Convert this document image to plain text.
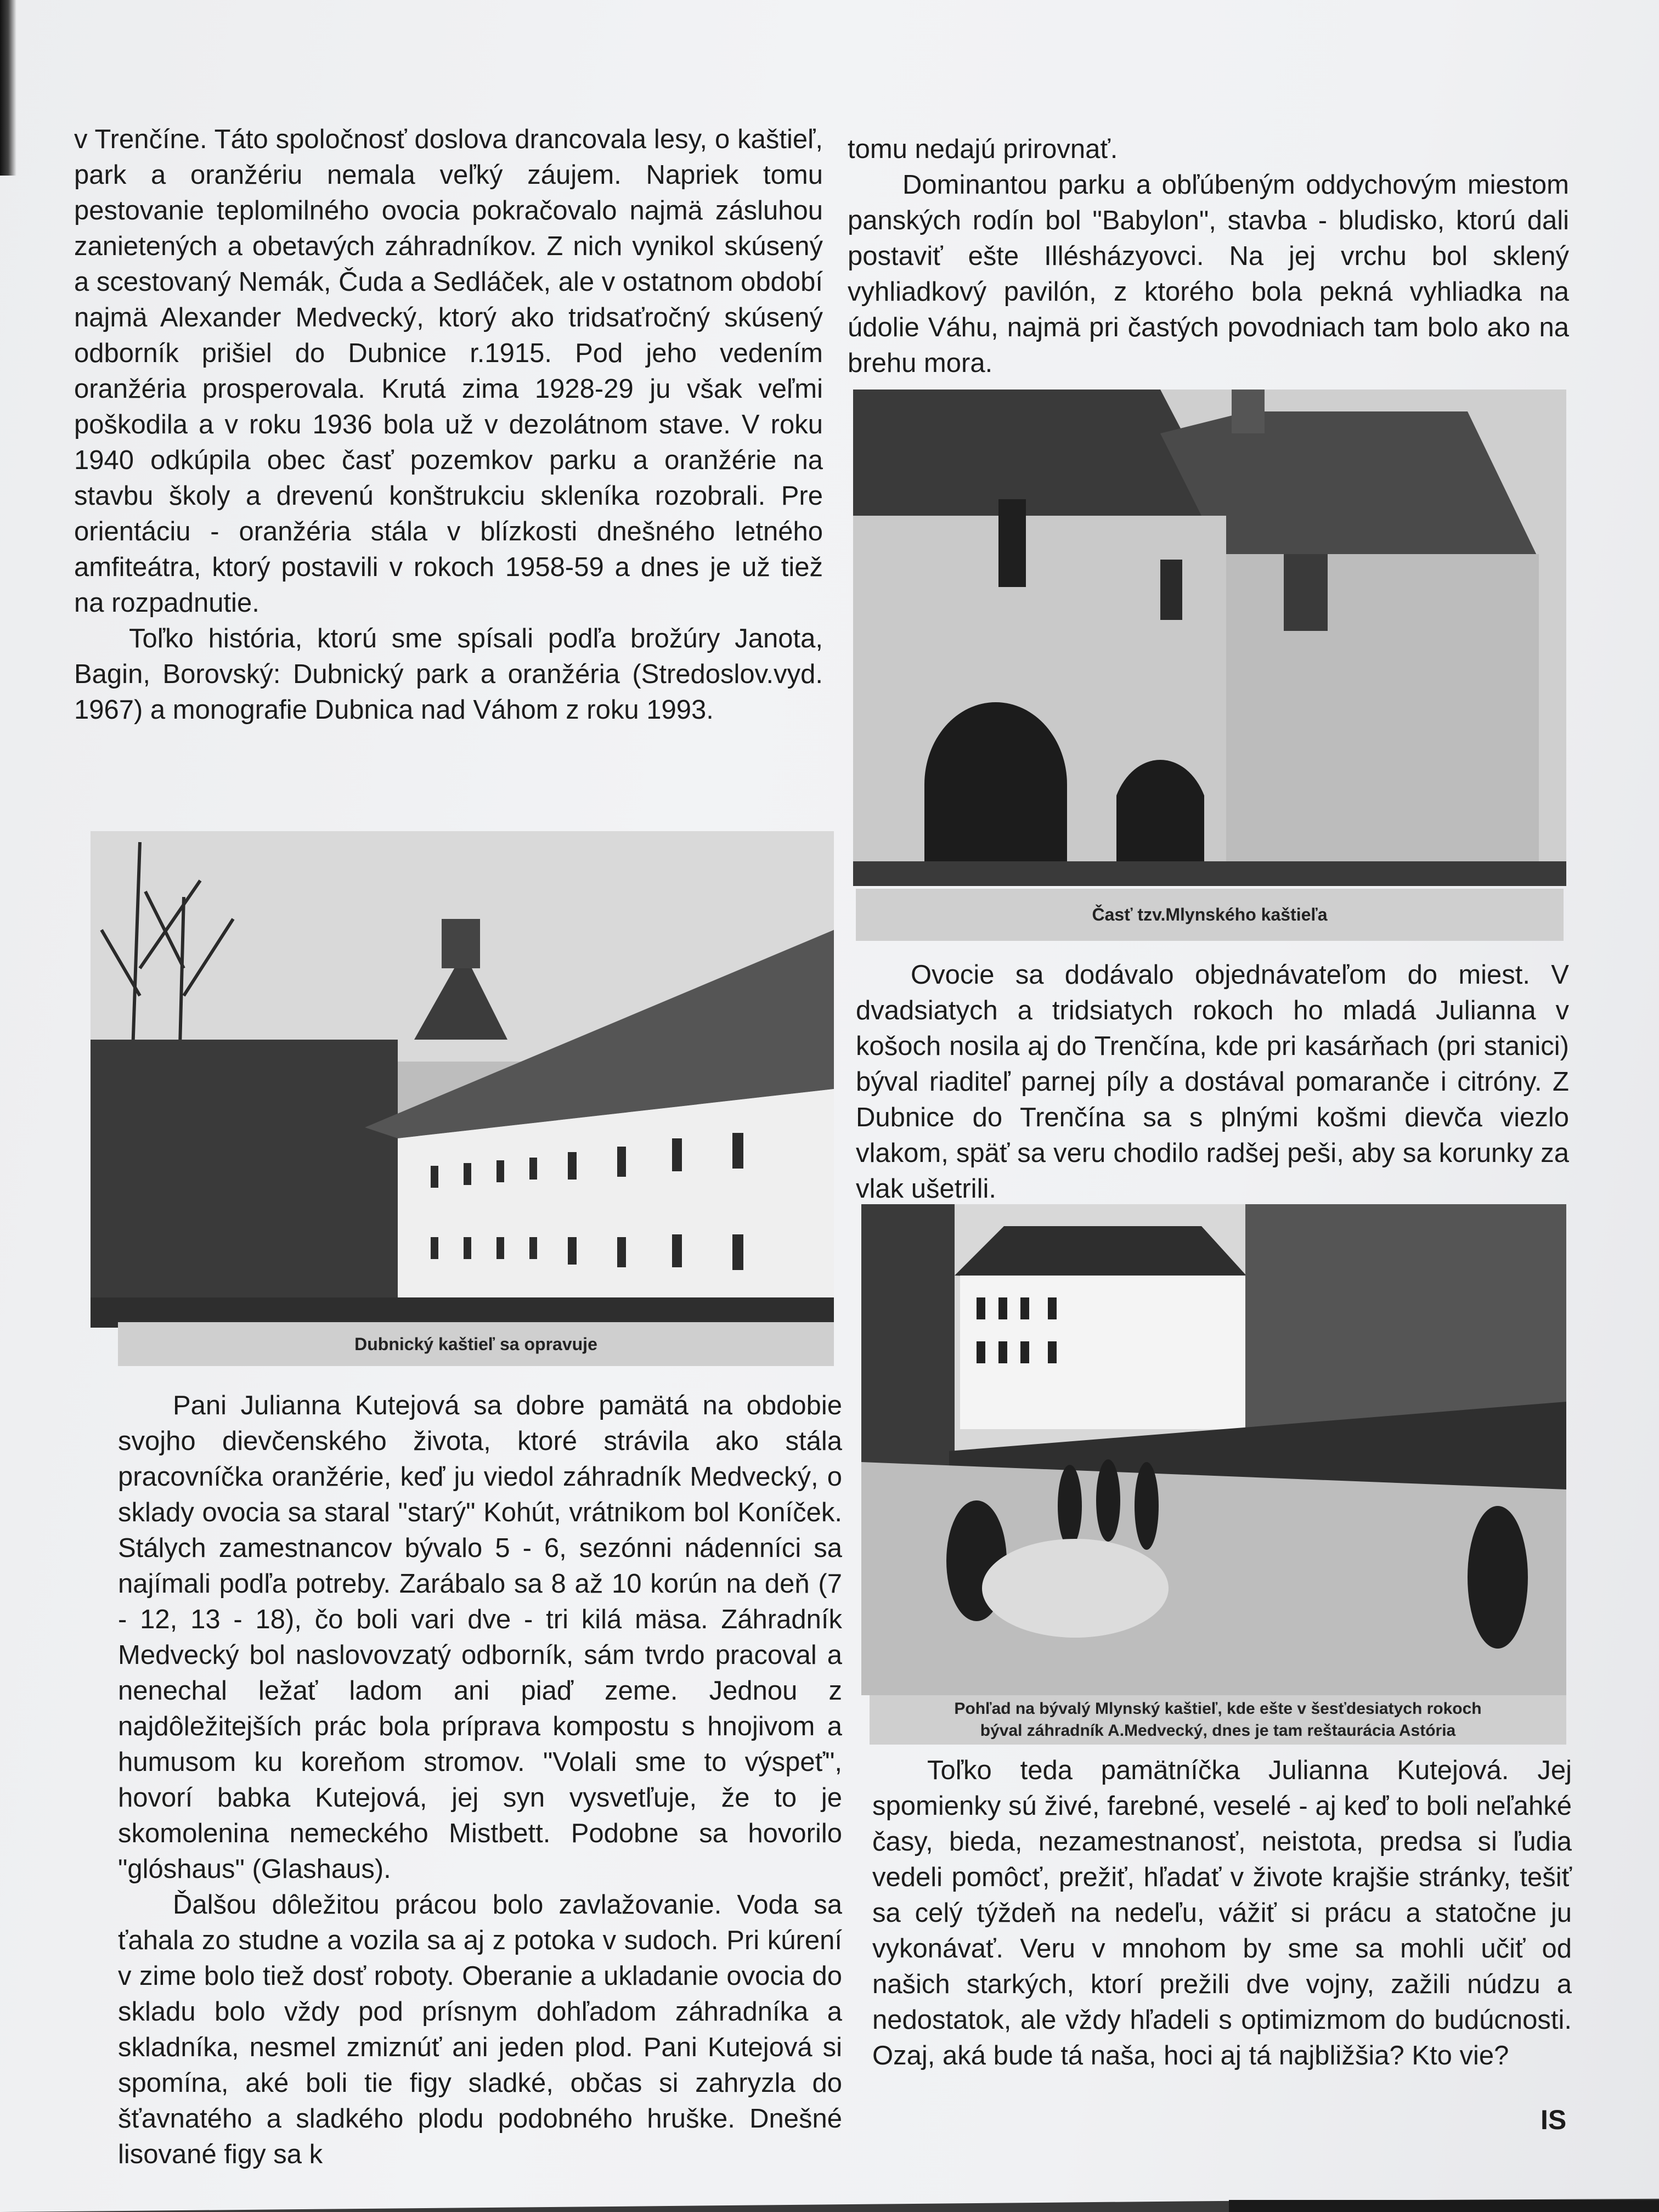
v Trenčíne. Táto spoločnosť doslova drancovala lesy, o kaštieľ, park a oranžériu nemala veľký záujem. Napriek tomu pestovanie teplomilného ovocia pokračovalo najmä zásluhou zanietených a obetavých záhradníkov. Z nich vynikol skúsený a scestovaný Nemák, Čuda a Sedláček, ale v ostatnom období najmä Alexander Medvecký, ktorý ako tridsaťročný skúsený odborník prišiel do Dubnice r.1915. Pod jeho vedením oranžéria prosperovala. Krutá zima 1928-29 ju však veľmi poškodila a v roku 1936 bola už v dezolátnom stave. V roku 1940 odkúpila obec časť pozemkov parku a oranžérie na stavbu školy a drevenú konštrukciu skleníka rozobrali. Pre orientáciu - oranžéria stála v blízkosti dnešného letného amfiteátra, ktorý postavili v rokoch 1958-59 a dnes je už tiež na rozpadnutie.

Toľko história, ktorú sme spísali podľa brožúry Janota, Bagin, Borovský: Dubnický park a oranžéria (Stredoslov.vyd. 1967) a monografie Dubnica nad Váhom z roku 1993.

Dubnický kaštieľ sa opravuje

Pani Julianna Kutejová sa dobre pamätá na obdobie svojho dievčenského života, ktoré strávila ako stála pracovníčka oranžérie, keď ju viedol záhradník Medvecký, o sklady ovocia sa staral "starý" Kohút, vrátnikom bol Koníček. Stálych zamestnancov bývalo 5 - 6, sezónni nádenníci sa najímali podľa potreby. Zarábalo sa 8 až 10 korún na deň (7 - 12, 13 - 18), čo boli vari dve - tri kilá mäsa. Záhradník Medvecký bol naslovovzatý odborník, sám tvrdo pracoval a nenechal ležať ladom ani piaď zeme. Jednou z najdôležitejších prác bola príprava kompostu s hnojivom a humusom ku koreňom stromov. "Volali sme to výspeť", hovorí babka Kutejová, jej syn vysvetľuje, že to je skomolenina nemeckého Mistbett. Podobne sa hovorilo "glóshaus" (Glashaus).

Ďalšou dôležitou prácou bolo zavlažovanie. Voda sa ťahala zo studne a vozila sa aj z potoka v sudoch. Pri kúrení v zime bolo tiež dosť roboty. Oberanie a ukladanie ovocia do skladu bolo vždy pod prísnym dohľadom záhradníka a skladníka, nesmel zmiznúť ani jeden plod. Pani Kutejová si spomína, aké boli tie figy sladké, občas si zahryzla do šťavnatého a sladkého plodu podobného hruške. Dnešné lisované figy sa k

tomu nedajú prirovnať.

Dominantou parku a obľúbeným oddychovým miestom panských rodín bol "Babylon", stavba - bludisko, ktorú dali postaviť ešte Illésházyovci. Na jej vrchu bol sklený vyhliadkový pavilón, z ktorého bola pekná vyhliadka na údolie Váhu, najmä pri častých povodniach tam bolo ako na brehu mora.

Časť tzv.Mlynského kaštieľa

Ovocie sa dodávalo objednávateľom do miest. V dvadsiatych a tridsiatych rokoch ho mladá Julianna v košoch nosila aj do Trenčína, kde pri kasárňach (pri stanici) býval riaditeľ parnej píly a dostával pomaranče i citróny. Z Dubnice do Trenčína sa s plnými košmi dievča viezlo vlakom, späť sa veru chodilo radšej peši, aby sa korunky za vlak ušetrili.

Pohľad na bývalý Mlynský kaštieľ, kde ešte v šesťdesiatych rokoch
býval záhradník A.Medvecký, dnes je tam reštaurácia Astória

Toľko teda pamätníčka Julianna Kutejová. Jej spomienky sú živé, farebné, veselé - aj keď to boli neľahké časy, bieda, nezamestnanosť, neistota, predsa si ľudia vedeli pomôcť, prežiť, hľadať v živote krajšie stránky, tešiť sa celý týždeň na nedeľu, vážiť si prácu a statočne ju vykonávať. Veru v mnohom by sme sa mohli učiť od našich starkých, ktorí prežili dve vojny, zažili núdzu a nedostatok, ale vždy hľadeli s optimizmom do budúcnosti. Ozaj, aká bude tá naša, hoci aj tá najbližšia? Kto vie?

IS
